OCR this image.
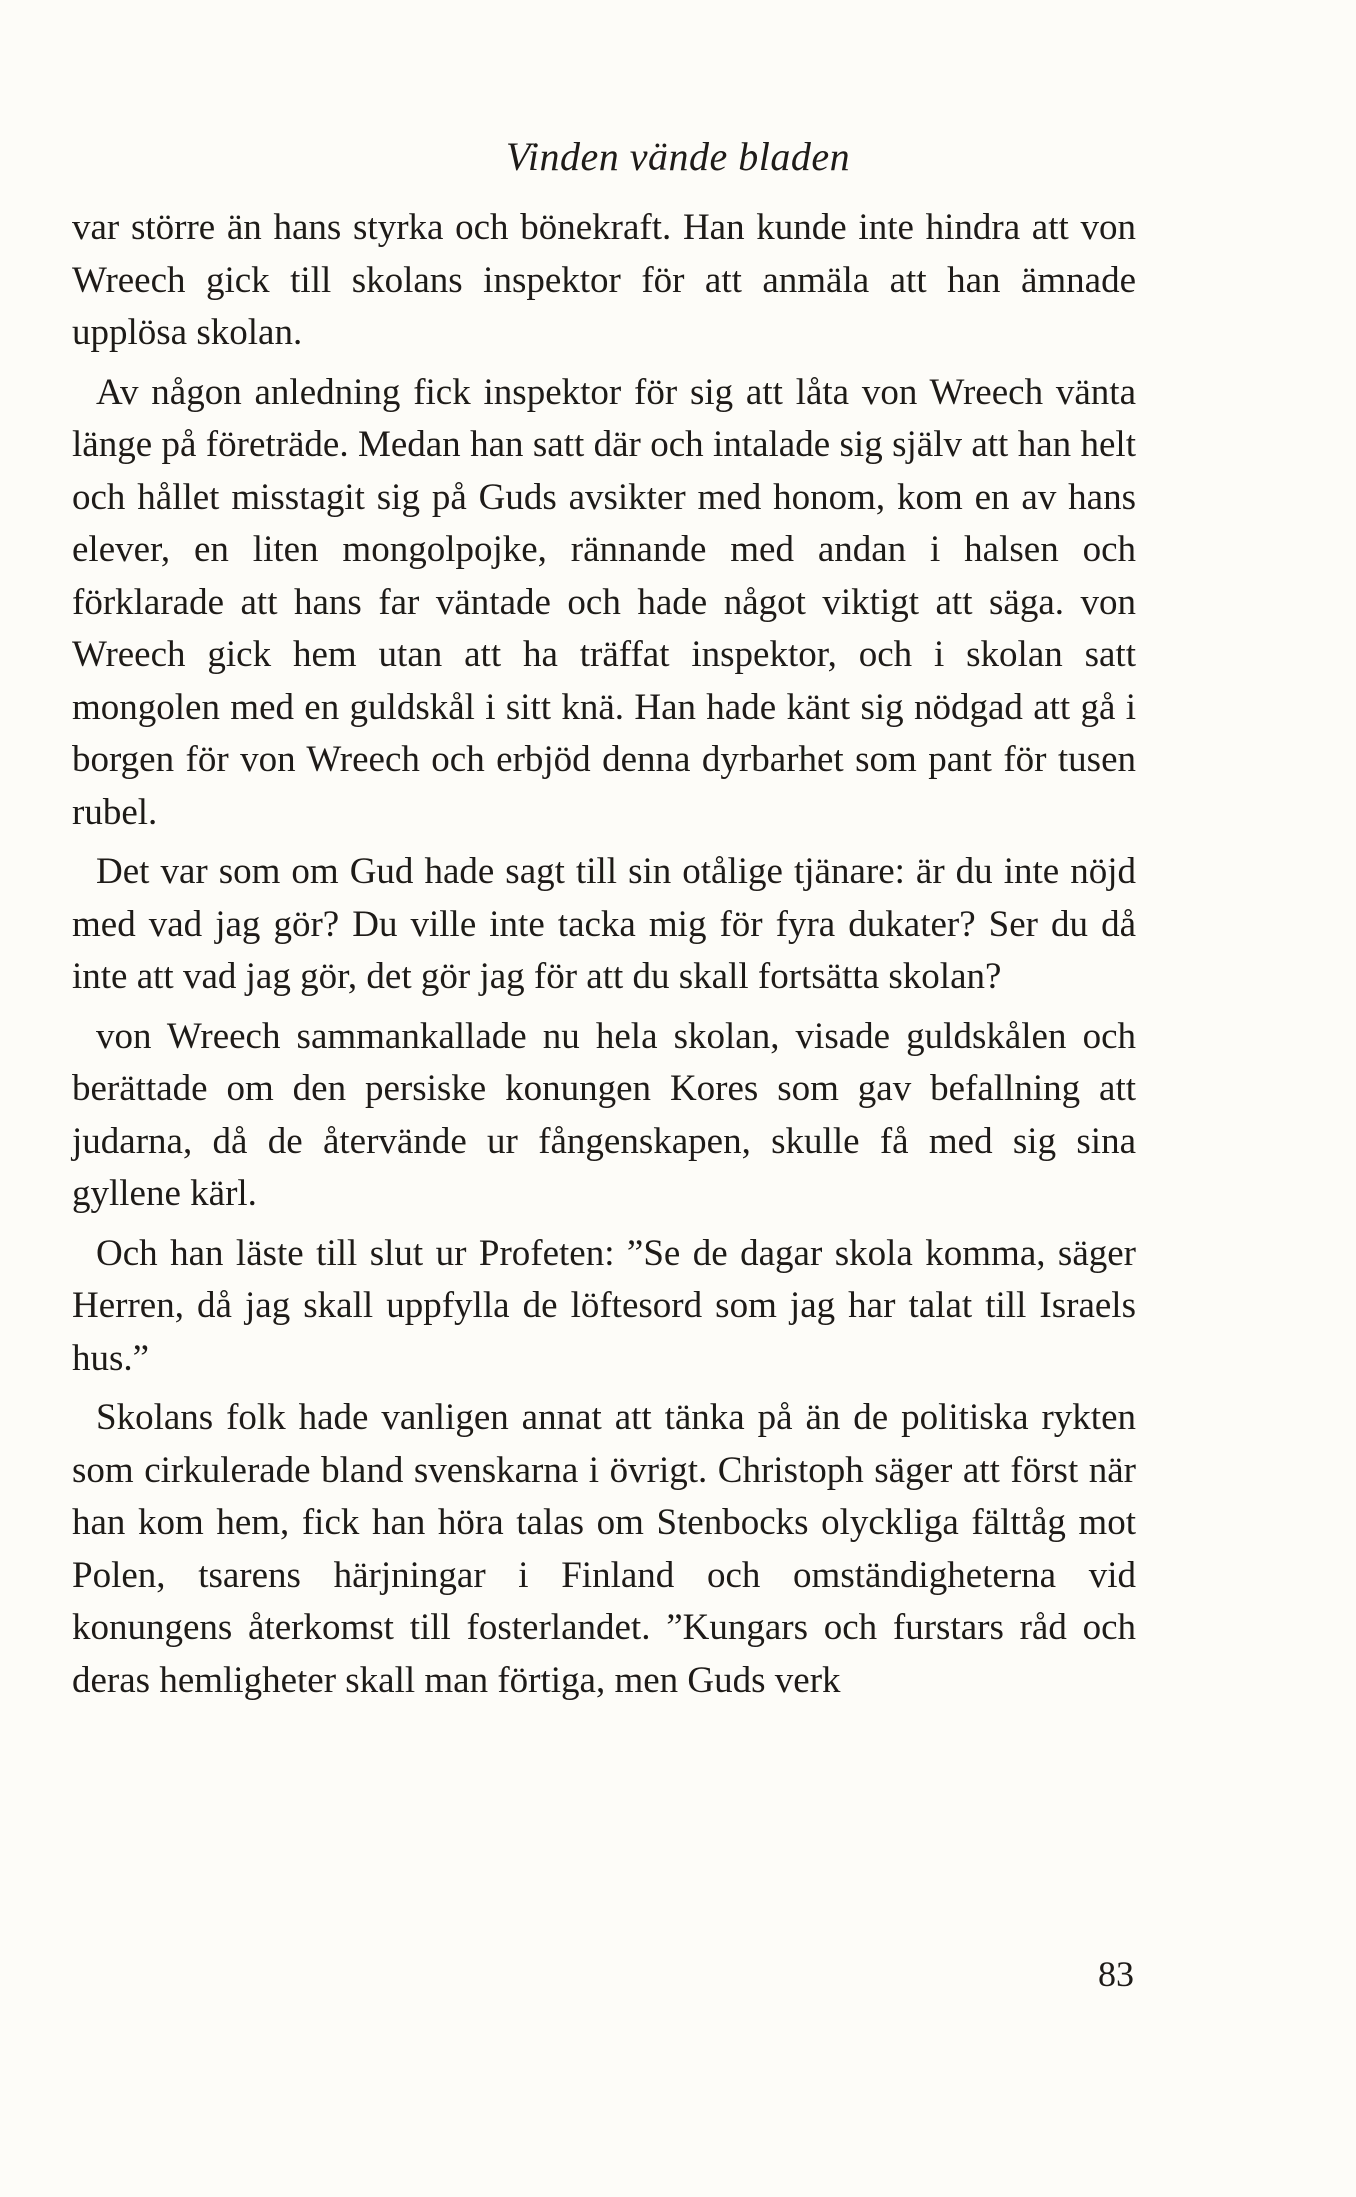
Vinden vände bladen

var större än hans styrka och bönekraft. Han kunde inte hindra att von Wreech gick till skolans inspektor för att anmäla att han ämnade upplösa skolan.

Av någon anledning fick inspektor för sig att låta von Wreech vänta länge på företräde. Medan han satt där och intalade sig själv att han helt och hållet misstagit sig på Guds avsikter med honom, kom en av hans elever, en liten mongolpojke, rännande med andan i halsen och förklarade att hans far väntade och hade något viktigt att säga. von Wreech gick hem utan att ha träffat inspektor, och i skolan satt mongolen med en guldskål i sitt knä. Han hade känt sig nödgad att gå i borgen för von Wreech och erbjöd denna dyrbarhet som pant för tusen rubel.

Det var som om Gud hade sagt till sin otålige tjänare: är du inte nöjd med vad jag gör? Du ville inte tacka mig för fyra dukater? Ser du då inte att vad jag gör, det gör jag för att du skall fortsätta skolan?

von Wreech sammankallade nu hela skolan, visade guldskålen och berättade om den persiske konungen Kores som gav befallning att judarna, då de återvände ur fångenskapen, skulle få med sig sina gyllene kärl.

Och han läste till slut ur Profeten: ”Se de dagar skola komma, säger Herren, då jag skall uppfylla de löftesord som jag har talat till Israels hus.”

Skolans folk hade vanligen annat att tänka på än de politiska rykten som cirkulerade bland svenskarna i övrigt. Christoph säger att först när han kom hem, fick han höra talas om Stenbocks olyckliga fälttåg mot Polen, tsarens härjningar i Finland och omständigheterna vid konungens återkomst till fosterlandet. ”Kungars och furstars råd och deras hemligheter skall man förtiga, men Guds verk

83
